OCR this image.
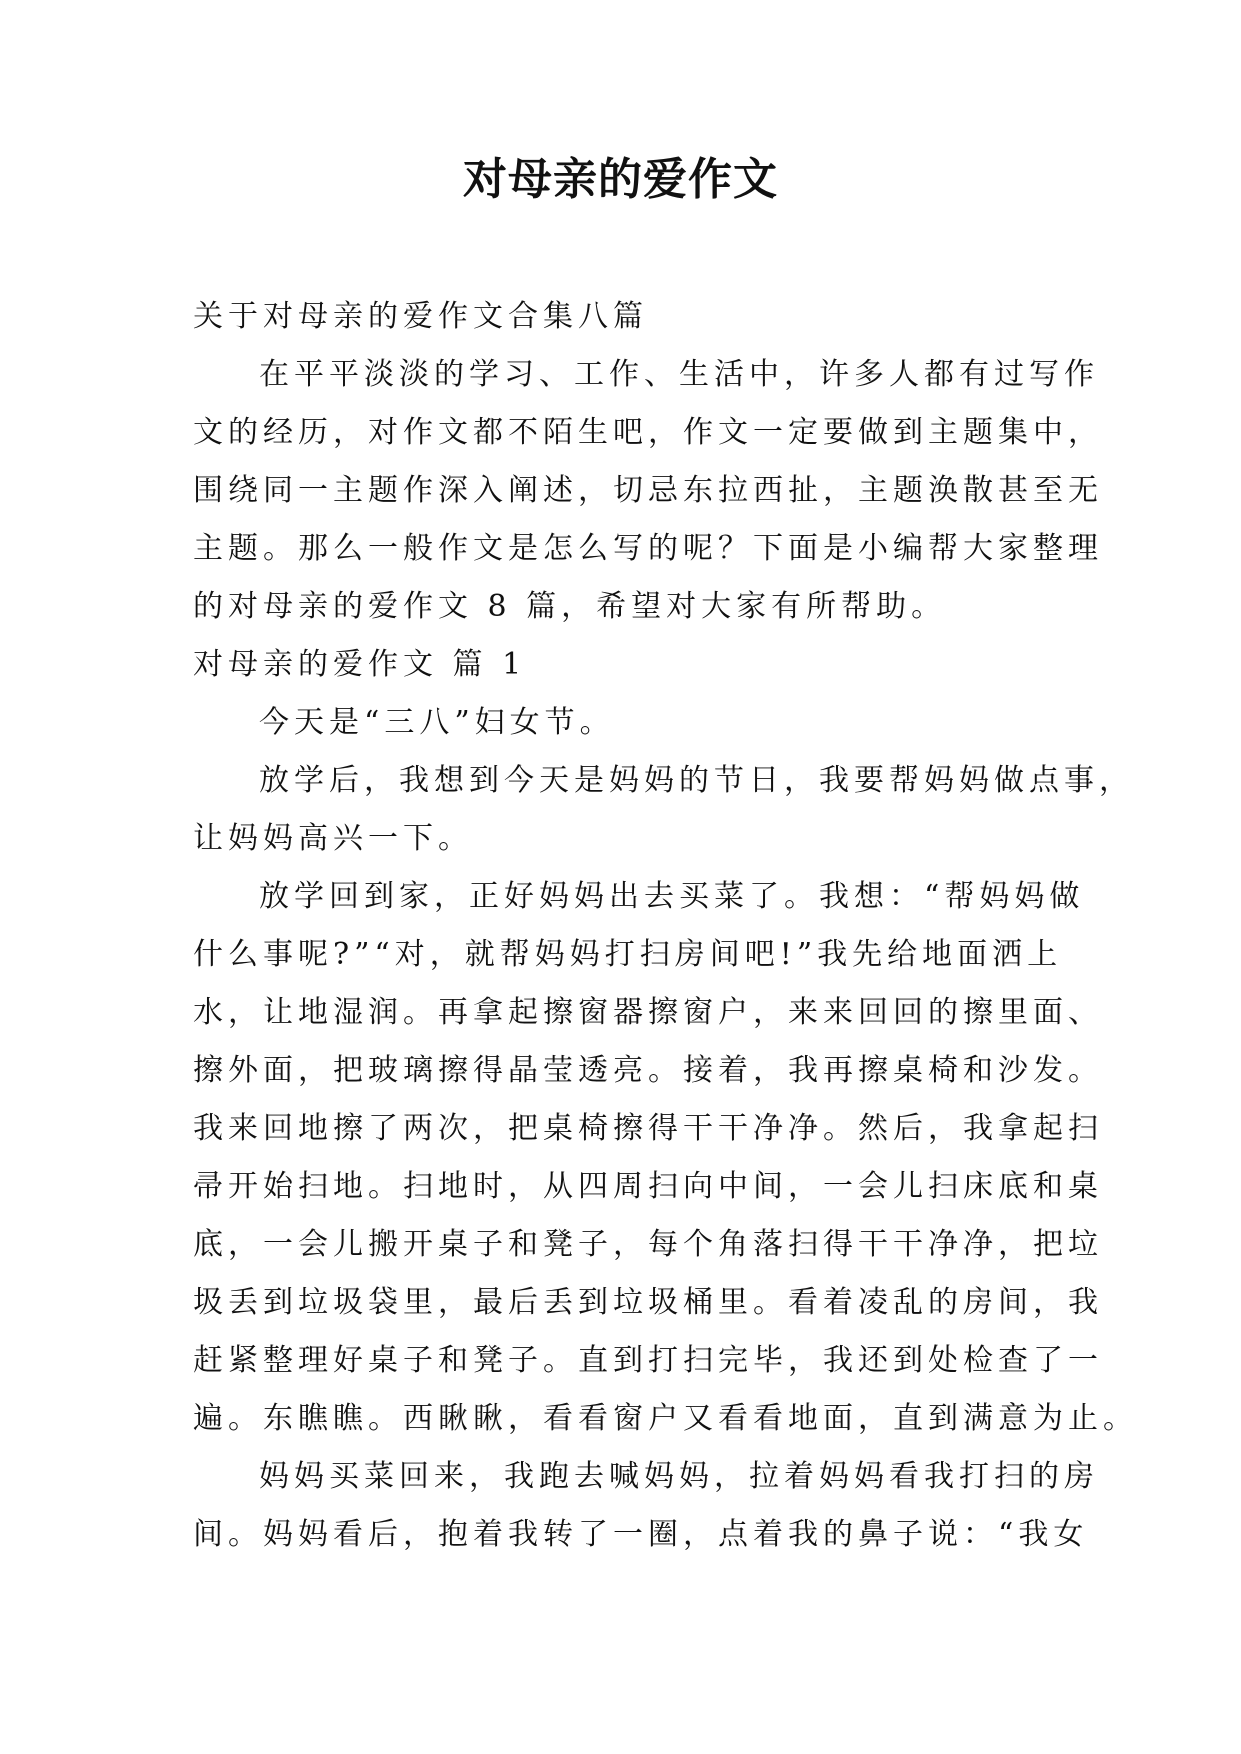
对母亲的爱作文
关于对母亲的爱作文合集八篇
在平平淡淡的学习、工作、生活中，许多人都有过写作
文的经历，对作文都不陌生吧，作文一定要做到主题集中，
围绕同一主题作深入阐述，切忌东拉西扯，主题涣散甚至无
主题。那么一般作文是怎么写的呢？下面是小编帮大家整理
的对母亲的爱作文 8 篇，希望对大家有所帮助。
对母亲的爱作文 篇 1
今天是“三八”妇女节。
放学后，我想到今天是妈妈的节日，我要帮妈妈做点事，
让妈妈高兴一下。
放学回到家，正好妈妈出去买菜了。我想：“帮妈妈做
什么事呢?”“对，就帮妈妈打扫房间吧!”我先给地面洒上
水，让地湿润。再拿起擦窗器擦窗户，来来回回的擦里面、
擦外面，把玻璃擦得晶莹透亮。接着，我再擦桌椅和沙发。
我来回地擦了两次，把桌椅擦得干干净净。然后，我拿起扫
帚开始扫地。扫地时，从四周扫向中间，一会儿扫床底和桌
底，一会儿搬开桌子和凳子，每个角落扫得干干净净，把垃
圾丢到垃圾袋里，最后丢到垃圾桶里。看着凌乱的房间，我
赶紧整理好桌子和凳子。直到打扫完毕，我还到处检查了一
遍。东瞧瞧。西瞅瞅，看看窗户又看看地面，直到满意为止。
妈妈买菜回来，我跑去喊妈妈，拉着妈妈看我打扫的房
间。妈妈看后，抱着我转了一圈，点着我的鼻子说：“我女
